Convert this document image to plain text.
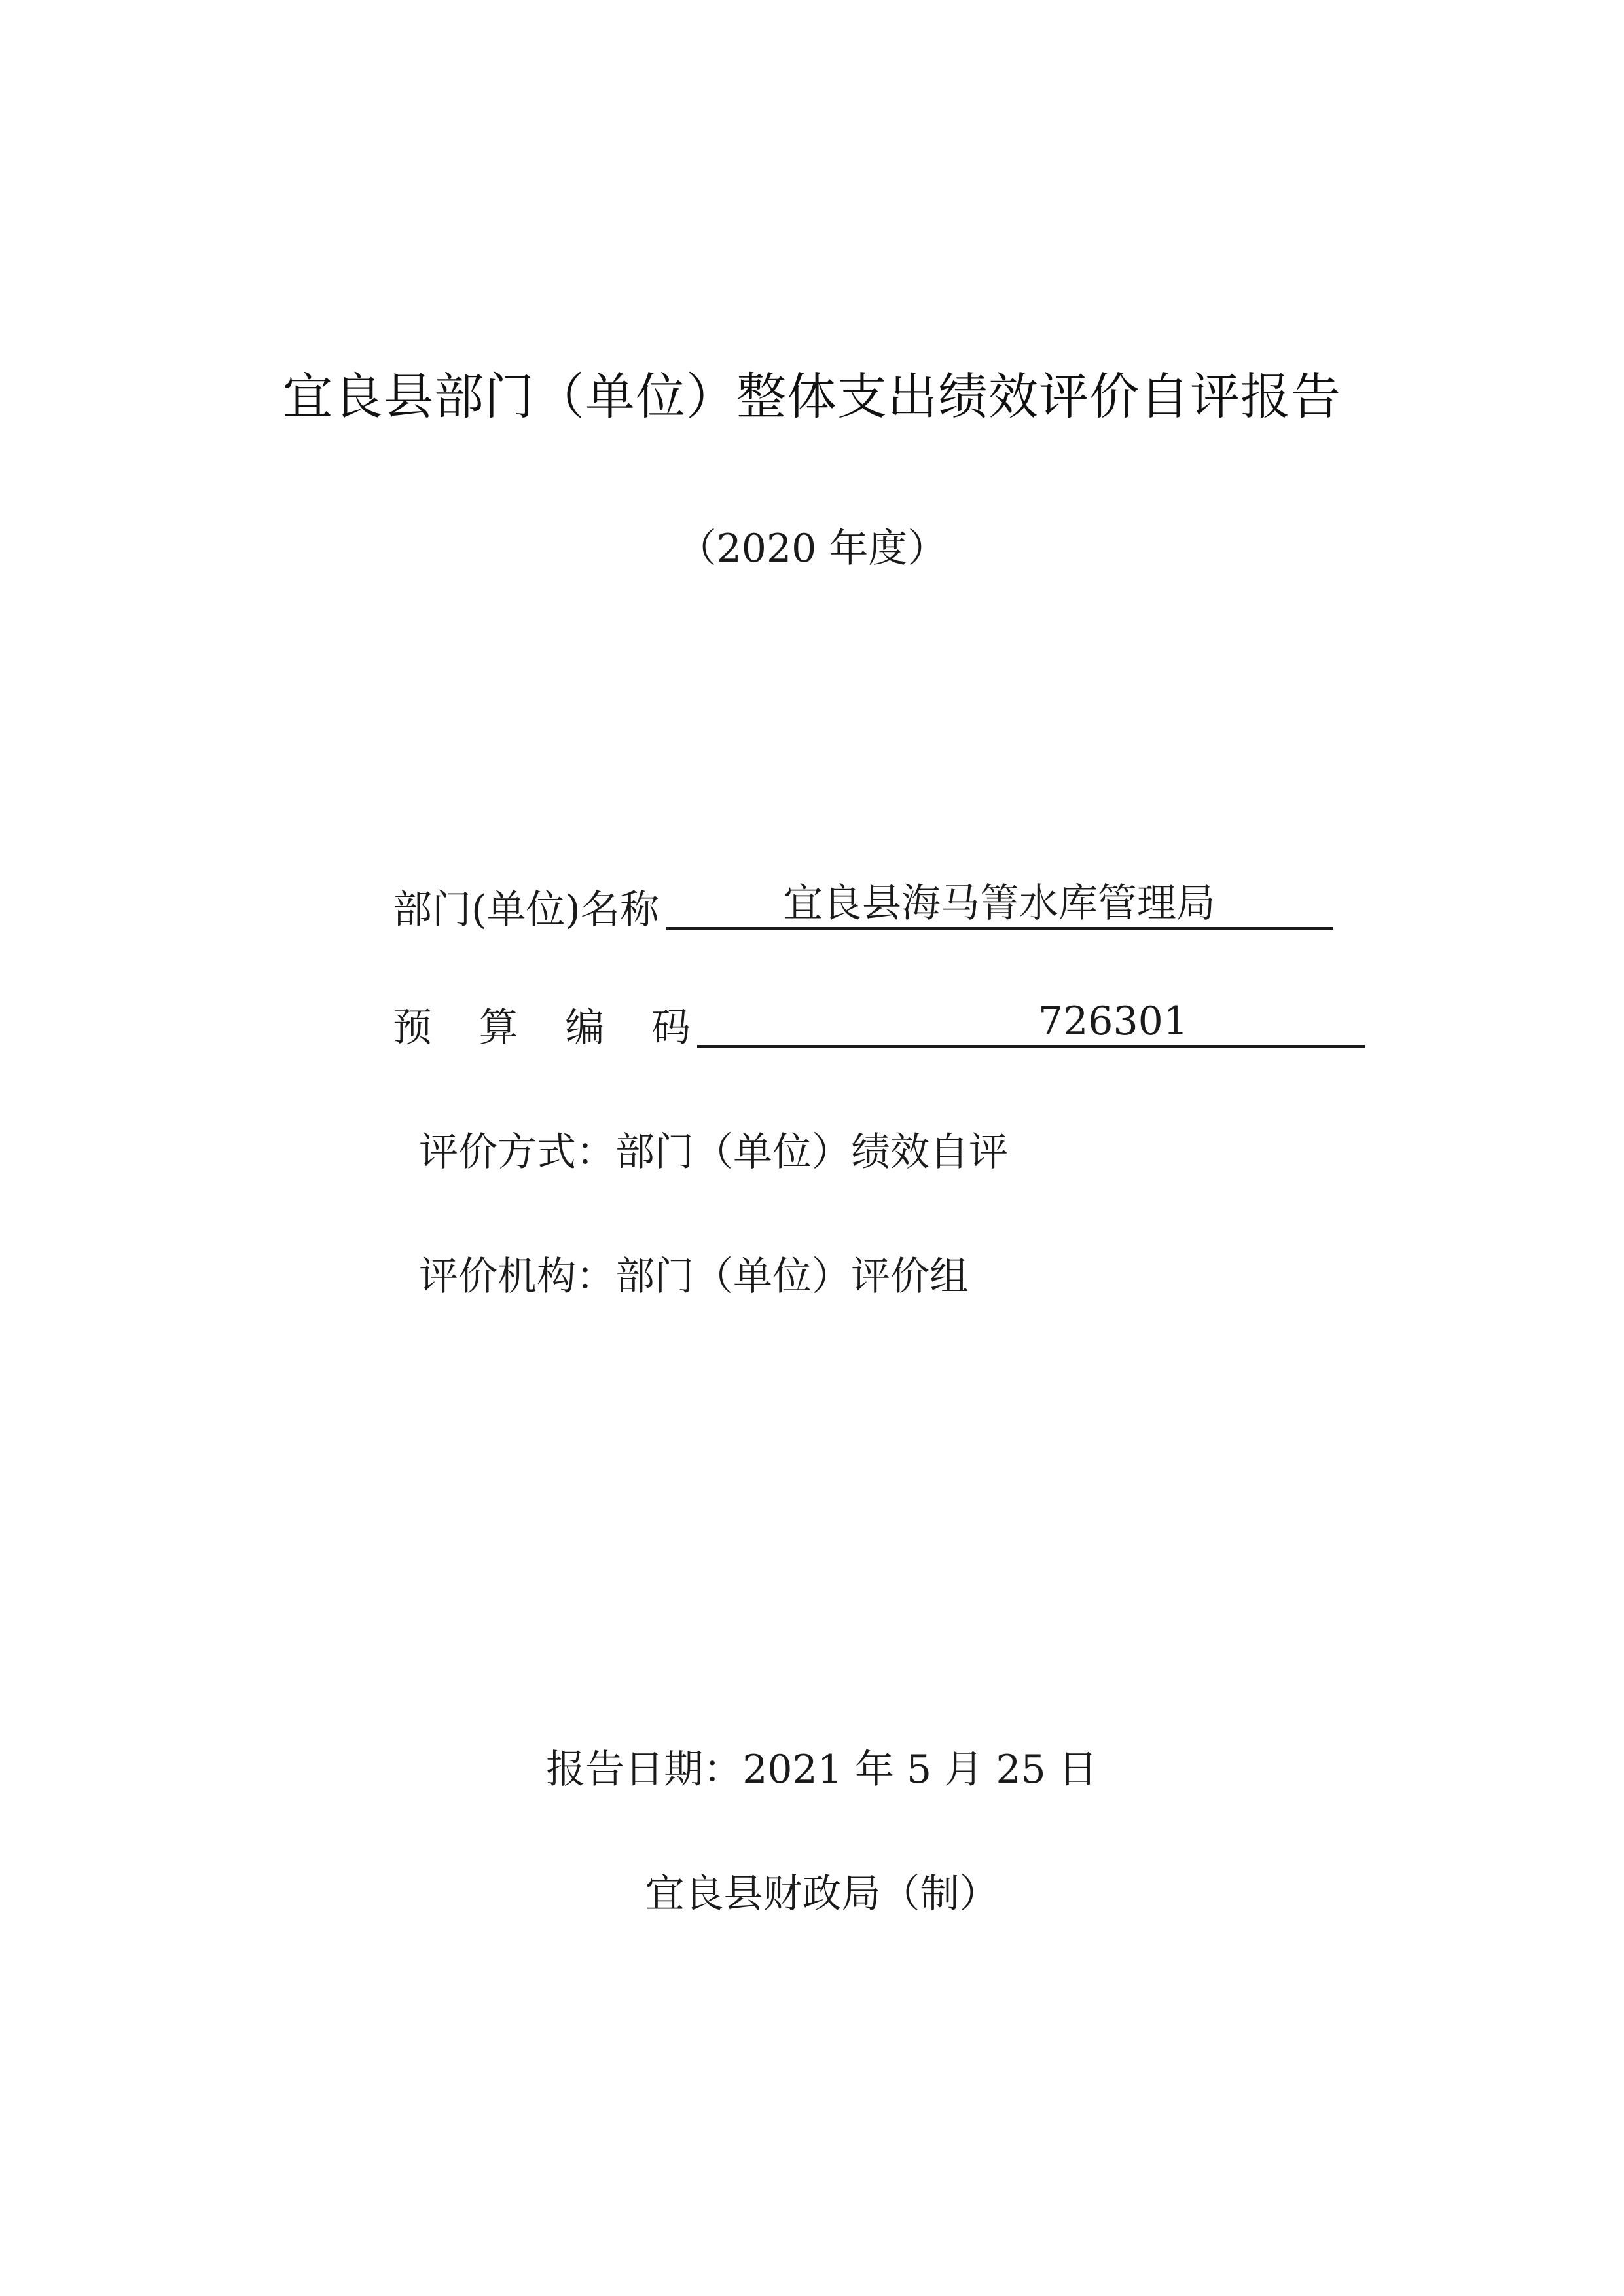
宜良县部门（单位）整体支出绩效评价自评报告
（2020 年度）
部门(单位)名称	宜良县海马箐水库管理局
预 算 编 码	726301
评价方式：部门（单位）绩效自评
评价机构：部门（单位）评价组
报告日期：2021 年 5 月 25 日
宜良县财政局（制）
